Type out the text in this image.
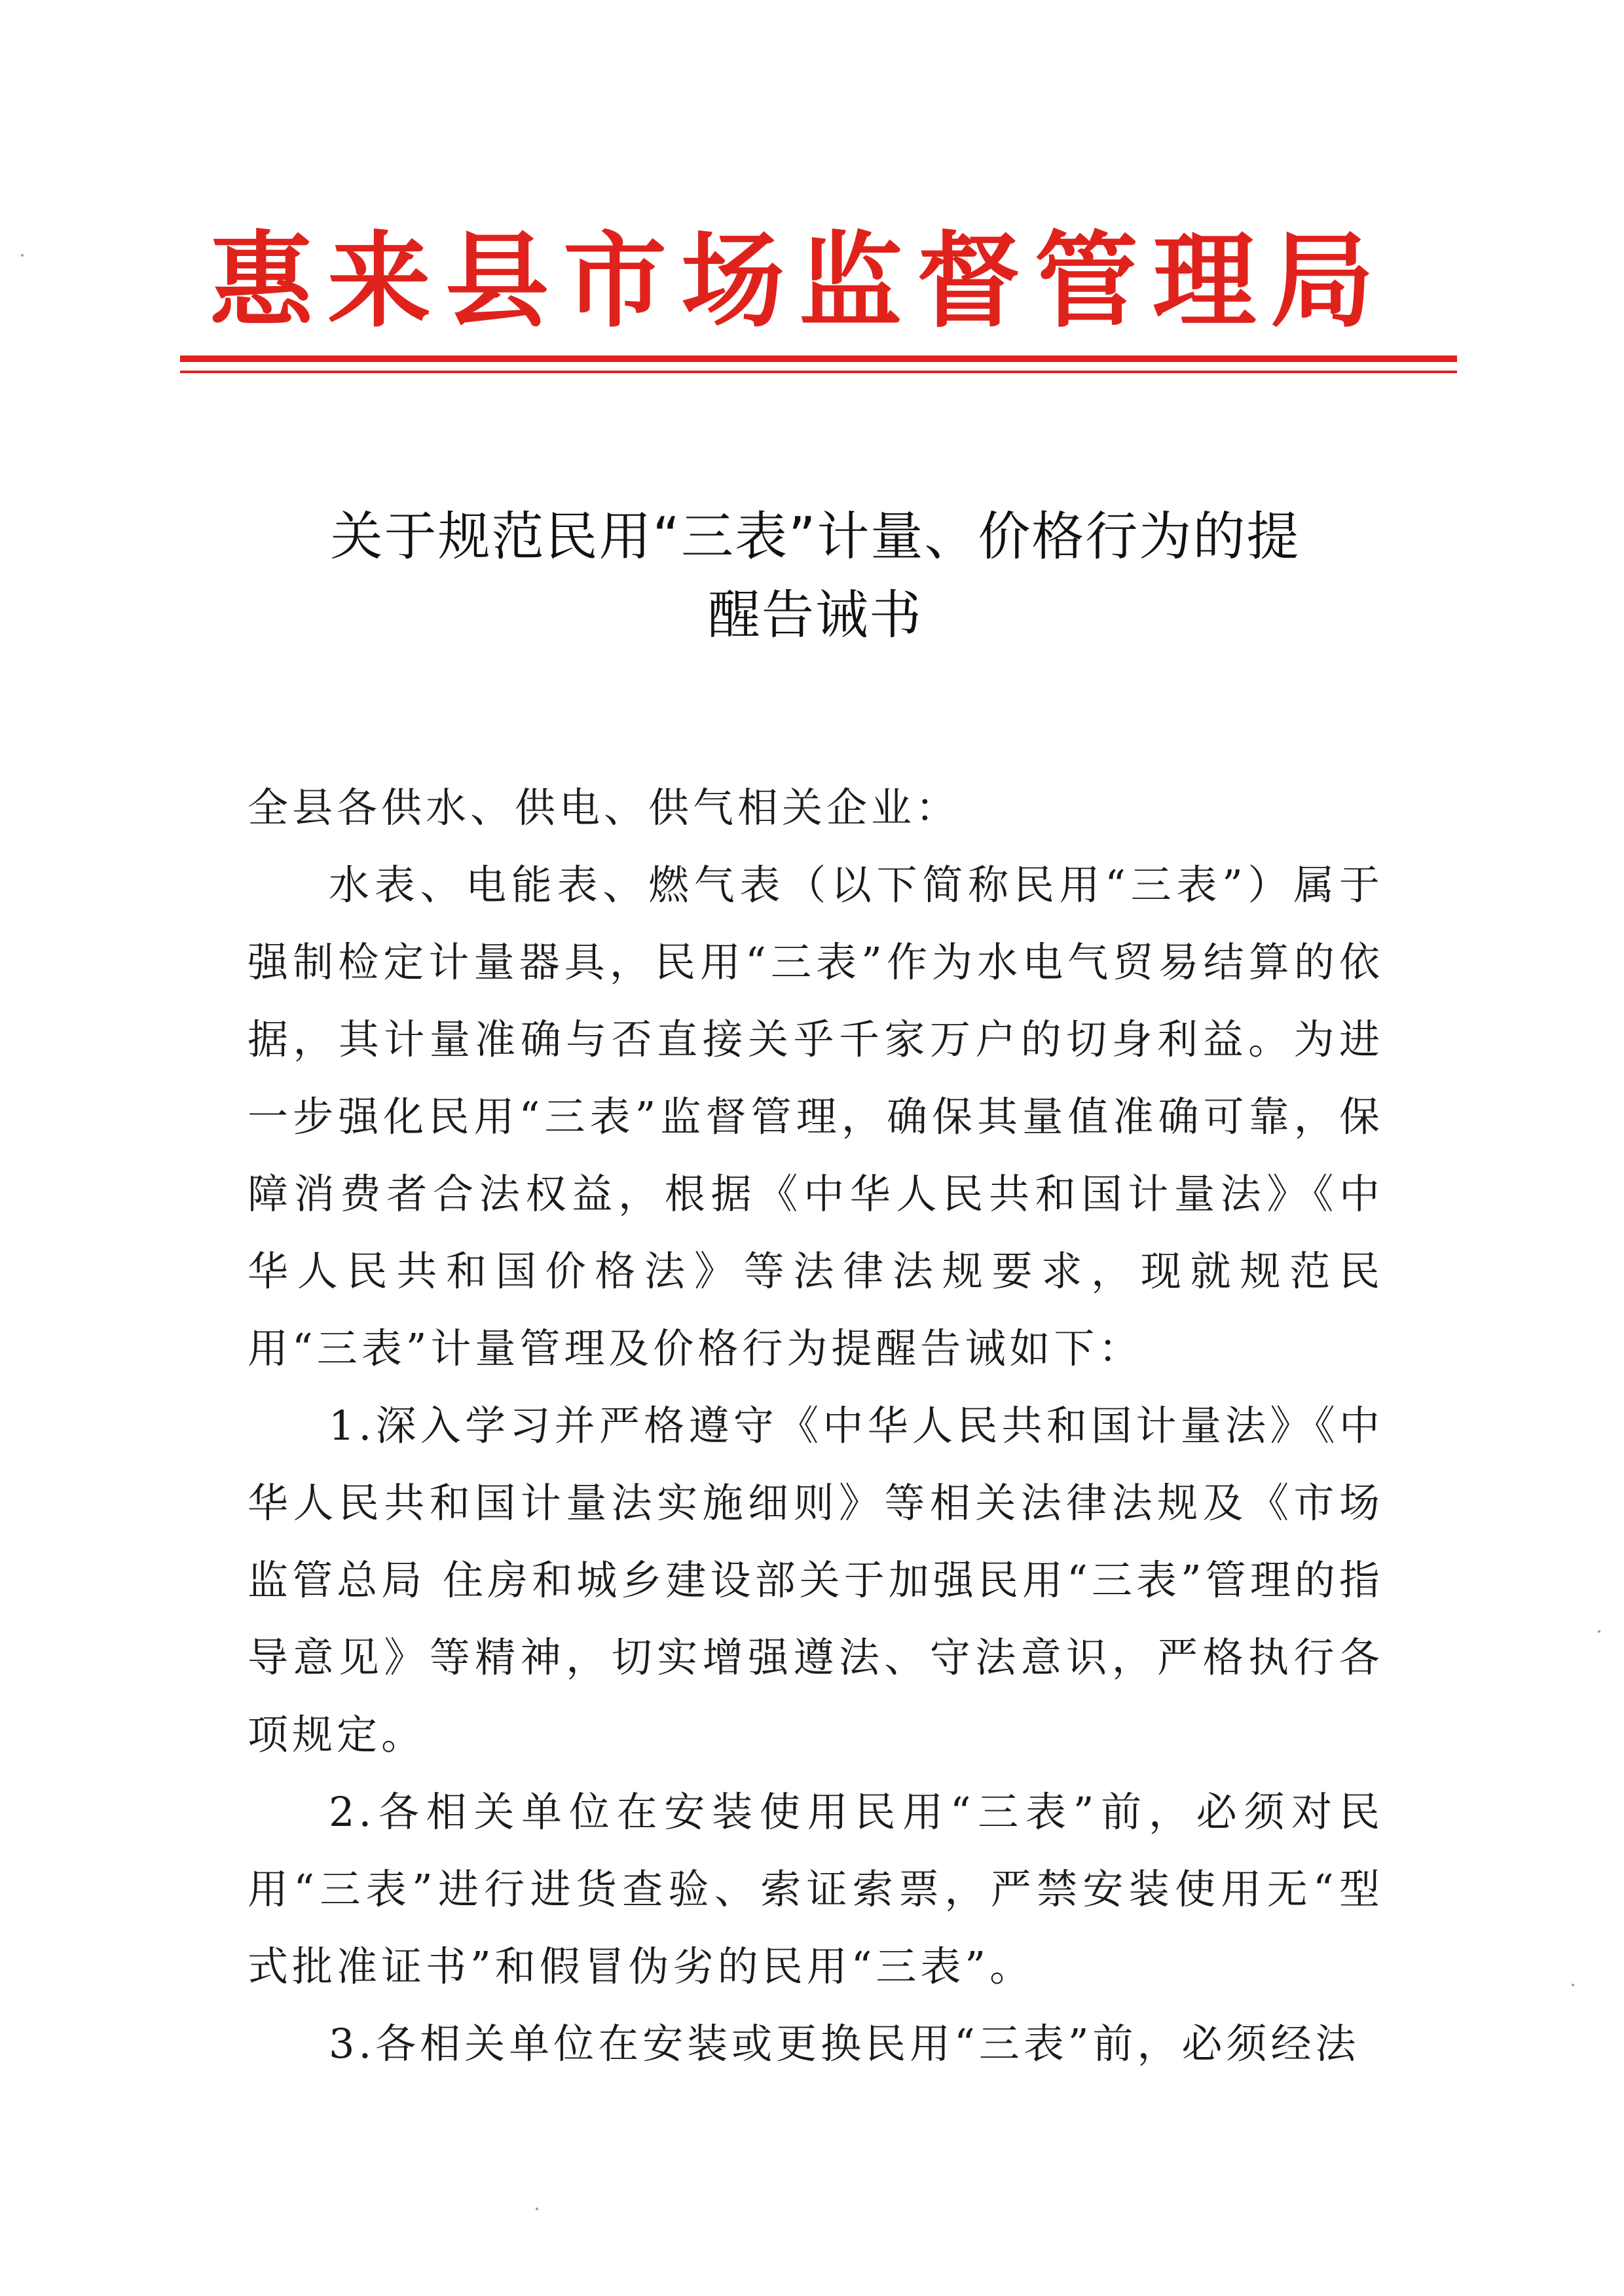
惠来县市场监督管理局
关于规范民用“三表”计量、价格行为的提
醒告诫书

全县各供水、供电、供气相关企业：

水表、电能表、燃气表（以下简称民用“三表”）属于强制检定计量器具，民用“三表”作为水电气贸易结算的依据，其计量准确与否直接关乎千家万户的切身利益。为进一步强化民用“三表”监督管理，确保其量值准确可靠，保障消费者合法权益，根据《中华人民共和国计量法》《中华人民共和国价格法》等法律法规要求，现就规范民用“三表”计量管理及价格行为提醒告诫如下：

1.深入学习并严格遵守《中华人民共和国计量法》《中华人民共和国计量法实施细则》等相关法律法规及《市场监管总局 住房和城乡建设部关于加强民用“三表”管理的指导意见》等精神，切实增强遵法、守法意识，严格执行各项规定。

2.各相关单位在安装使用民用“三表”前，必须对民用“三表”进行进货查验、索证索票，严禁安装使用无“型式批准证书”和假冒伪劣的民用“三表”。

3.各相关单位在安装或更换民用“三表”前，必须经法
